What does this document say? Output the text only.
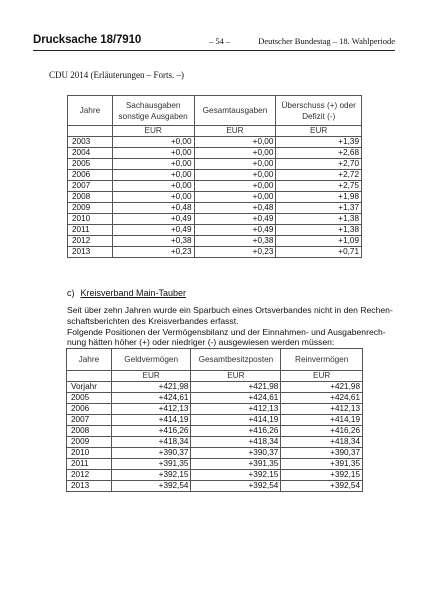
Drucksache 18/7910	– 54 –	Deutscher Bundestag – 18. Wahlperiode
CDU 2014 (Erläuterungen – Forts. –)
Jahre	Sachausgaben sonstige Ausgaben	Gesamtausgaben	Überschuss (+) oder Defizit (-)
	EUR	EUR	EUR
2003	+0,00	+0,00	+1,39
2004	+0,00	+0,00	+2,68
2005	+0,00	+0,00	+2,70
2006	+0,00	+0,00	+2,72
2007	+0,00	+0,00	+2,75
2008	+0,00	+0,00	+1,98
2009	+0,48	+0,48	+1,37
2010	+0,49	+0,49	+1,38
2011	+0,49	+0,49	+1,38
2012	+0,38	+0,38	+1,09
2013	+0,23	+0,23	+0,71
c) Kreisverband Main-Tauber
Seit über zehn Jahren wurde ein Sparbuch eines Ortsverbandes nicht in den Rechen-
schaftsberichten des Kreisverbandes erfasst.
Folgende Positionen der Vermögensbilanz und der Einnahmen- und Ausgabenrech-
nung hätten höher (+) oder niedriger (-) ausgewiesen werden müssen:
Jahre	Geldvermögen	Gesamtbesitzposten	Reinvermögen
	EUR	EUR	EUR
Vorjahr	+421,98	+421,98	+421,98
2005	+424,61	+424,61	+424,61
2006	+412,13	+412,13	+412,13
2007	+414,19	+414,19	+414,19
2008	+416,26	+416,26	+416,26
2009	+418,34	+418,34	+418,34
2010	+390,37	+390,37	+390,37
2011	+391,35	+391,35	+391,35
2012	+392,15	+392,15	+392,15
2013	+392,54	+392,54	+392,54
